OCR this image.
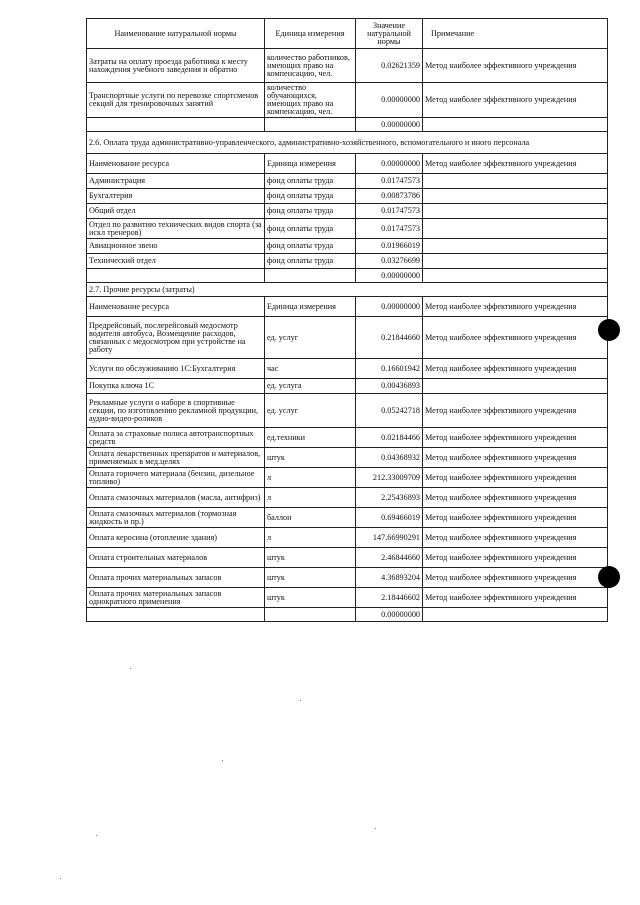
Наименование натуральной нормы	Единица измерения	Значение натуральной нормы	Примечание
Затраты на оплату проезда работника к месту нахождения учебного заведения и обратно	количество работников, имеющих право на компенсацию, чел.	0.02621359	Метод наиболее эффективного учреждения
Транспортные услуги по перевозке спортсменов секций для тренировочных занятий	количество обучающихся, имеющих право на компенсацию, чел.	0.00000000	Метод наиболее эффективного учреждения
		0.00000000	
2.6. Оплата труда административно-управленческого, административно-хозяйственного, вспомогательного и иного персонала			
Наименование ресурса	Единица измерения	0.00000000	Метод наиболее эффективного учреждения
Администрация	фонд оплаты труда	0.01747573	
Бухгалтерия	фонд оплаты труда	0.00873786	
Общий отдел	фонд оплаты труда	0.01747573	
Отдел по развитию технических видов спорта (за искл тренеров)	фонд оплаты труда	0.01747573	
Авиационное звено	фонд оплаты труда	0.01966019	
Технический отдел	фонд оплаты труда	0.03276699	
		0.00000000	
2.7. Прочие ресурсы (затраты)			
Наименование ресурса	Единица измерения	0.00000000	Метод наиболее эффективного учреждения
Предрейсовый, послерейсовый медосмотр водителя автобуса, Возмещение расходов, связанных с медосмотром при устройстве на работу	ед. услуг	0.21844660	Метод наиболее эффективного учреждения
Услуги по обслуживанию 1С:Бухгалтерия	час	0.16601942	Метод наиболее эффективного учреждения
Покупка ключа 1С	ед. услуга	0.00436893	
Рекламные услуги о наборе в спортивные секции, по изготовлению рекламной продукции, аудио-видео-роликов	ед. услуг	0.05242718	Метод наиболее эффективного учреждения
Оплата за страховые полиса автотранспортных средств	ед.техники	0.02184466	Метод наиболее эффективного учреждения
Оплата лекарственных препаратов и материалов, применяемых в мед.целях	штук	0.04368932	Метод наиболее эффективного учреждения
Оплата горючего материала (бензин, дизельное топливо)	л	212.33009709	Метод наиболее эффективного учреждения
Оплата смазочных материалов (масла, антифриз)	л	2.25436893	Метод наиболее эффективного учреждения
Оплата смазочных материалов (тормозная жидкость и пр.)	баллон	0.69466019	Метод наиболее эффективного учреждения
Оплата керосина (отопление здания)	л	147.66990291	Метод наиболее эффективного учреждения
Оплата строительных материалов	штук	2.46844660	Метод наиболее эффективного учреждения
Оплата прочих материальных запасов	штук	4.36893204	Метод наиболее эффективного учреждения
Оплата прочих материальных запасов однократного применения	штук	2.18446602	Метод наиболее эффективного учреждения
		0.00000000	
